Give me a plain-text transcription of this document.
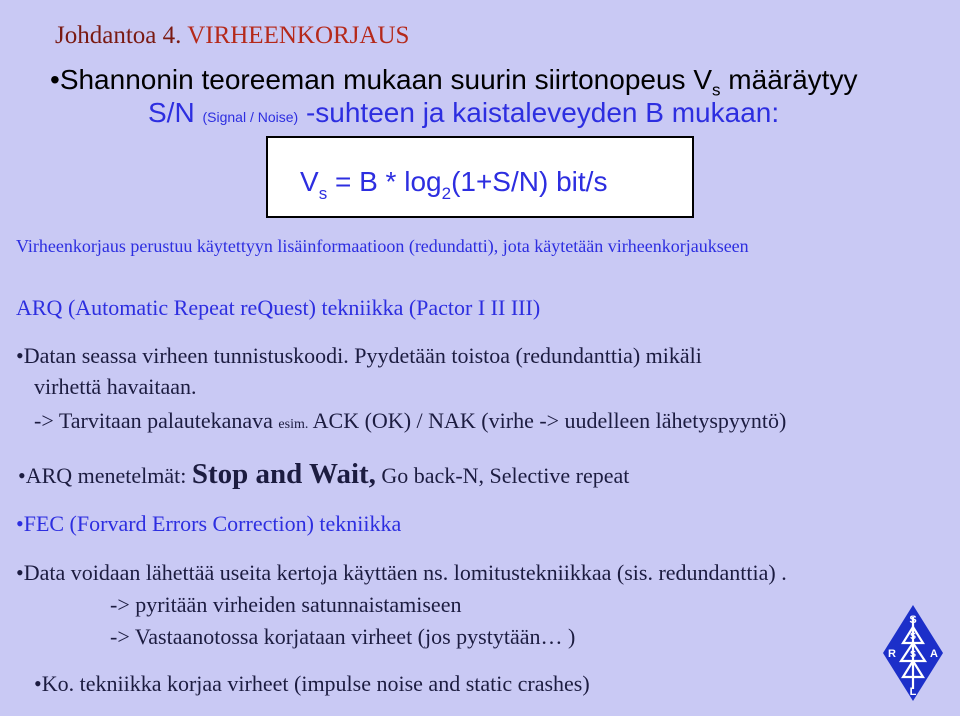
Johdantoa 4. VIRHEENKORJAUS
•Shannonin teoreeman mukaan suurin siirtonopeus $V_s$ määräytyy
S/N (Signal / Noise) -suhteen ja kaistaleveyden B mukaan:
$V_s = B * \log_2(1+S/N)$ bit/s
Virheenkorjaus perustuu käytettyyn lisäinformaatioon (redundatti), jota käytetään virheenkorjaukseen
ARQ (Automatic Repeat reQuest) tekniikka (Pactor I II III)
•Datan seassa virheen tunnistuskoodi. Pyydetään toistoa (redundanttia) mikäli
virhettä havaitaan.
-> Tarvitaan palautekanava esim. ACK (OK) / NAK (virhe -> uudelleen lähetyspyyntö)
•ARQ menetelmät: Stop and Wait, Go back-N, Selective repeat
•FEC (Forvard Errors Correction) tekniikka
•Data voidaan lähettää useita kertoja käyttäen ns. lomitustekniikkaa (sis. redundanttia) .
-> pyritään virheiden satunnaistamiseen
-> Vastaanotossa korjataan virheet (jos pystytään… )
•Ko. tekniikka korjaa virheet (impulse noise and static crashes)
S
R	A
S
S
L
